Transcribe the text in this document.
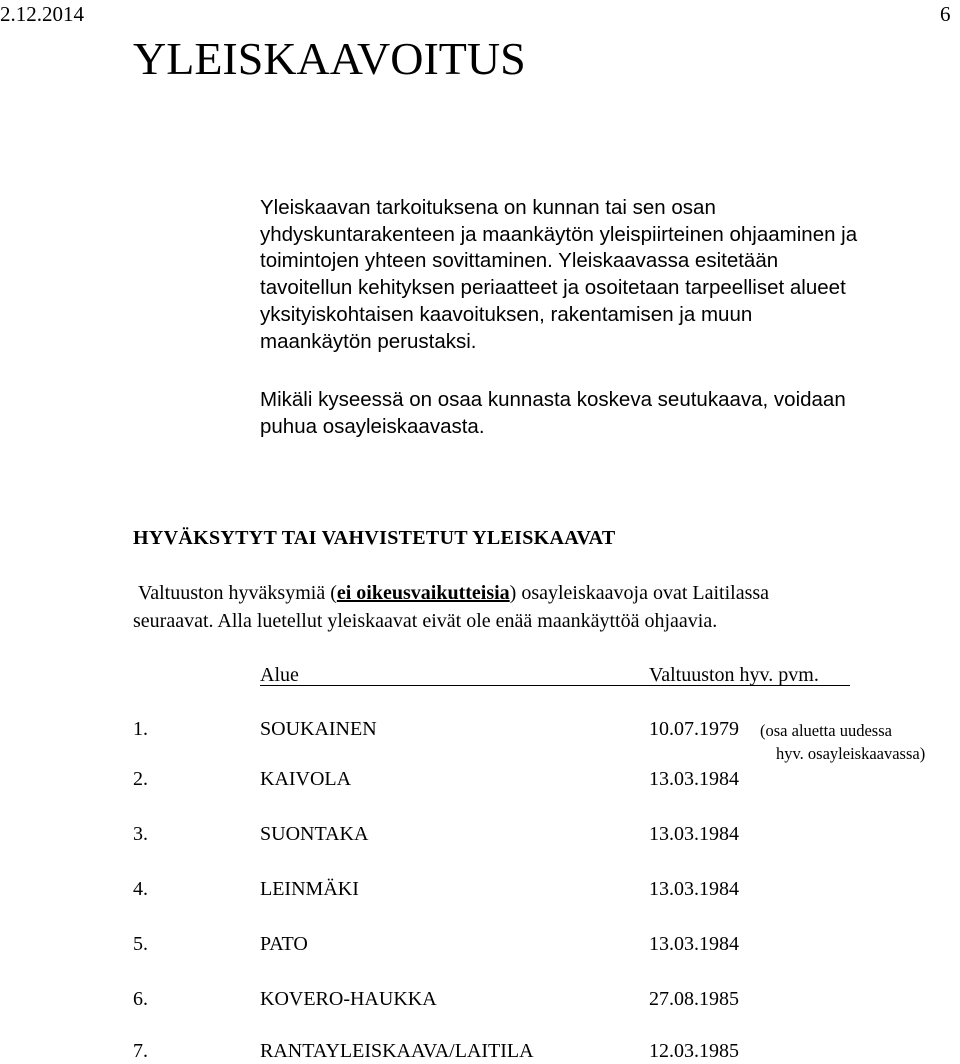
2.12.2014	6
YLEISKAAVOITUS
Yleiskaavan tarkoituksena on kunnan tai sen osan
yhdyskuntarakenteen ja maankäytön yleispiirteinen ohjaaminen ja
toimintojen yhteen sovittaminen. Yleiskaavassa esitetään
tavoitellun kehityksen periaatteet ja osoitetaan tarpeelliset alueet
yksityiskohtaisen kaavoituksen, rakentamisen ja muun
maankäytön perustaksi.
Mikäli kyseessä on osaa kunnasta koskeva seutukaava, voidaan
puhua osayleiskaavasta.
HYVÄKSYTYT TAI VAHVISTETUT YLEISKAAVAT
Valtuuston hyväksymiä (ei oikeusvaikutteisia) osayleiskaavoja ovat Laitilassa
seuraavat. Alla luetellut yleiskaavat eivät ole enää maankäyttöä ohjaavia.
Alue	Valtuuston hyv. pvm.
1.	SOUKAINEN	10.07.1979 (osa aluetta uudessa
hyv. osayleiskaavassa)
2.	KAIVOLA	13.03.1984
3.	SUONTAKA	13.03.1984
4.	LEINMÄKI	13.03.1984
5.	PATO	13.03.1984
6.	KOVERO-HAUKKA	27.08.1985
7.	RANTAYLEISKAAVA/LAITILA	12.03.1985
